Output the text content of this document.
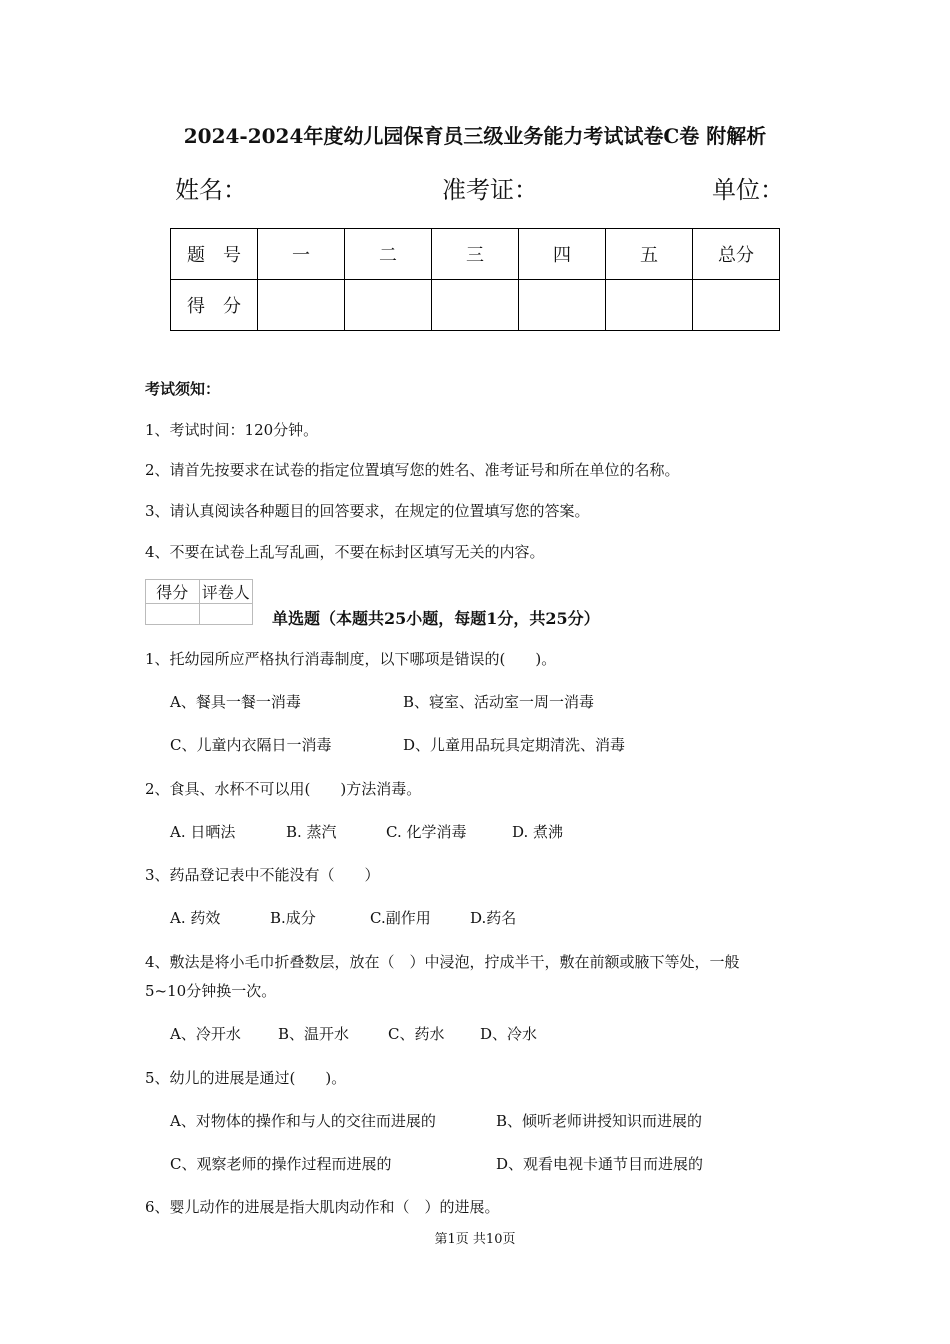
2024-2024年度幼儿园保育员三级业务能力考试试卷C卷 附解析
姓名：	准考证：	单位：
题　号	一	二	三	四	五	总分
得　分						
考试须知：
1、考试时间：120分钟。
2、请首先按要求在试卷的指定位置填写您的姓名、准考证号和所在单位的名称。
3、请认真阅读各种题目的回答要求，在规定的位置填写您的答案。
4、不要在试卷上乱写乱画，不要在标封区填写无关的内容。
得分	评卷人

单选题（本题共25小题，每题1分，共25分）
1、托幼园所应严格执行消毒制度，以下哪项是错误的(　　)。
A、餐具一餐一消毒	B、寝室、活动室一周一消毒
C、儿童内衣隔日一消毒	D、儿童用品玩具定期清洗、消毒
2、食具、水杯不可以用(　　)方法消毒。
A. 日晒法	B. 蒸汽	C. 化学消毒	D. 煮沸
3、药品登记表中不能没有（　　）
A. 药效	B.成分	C.副作用	D.药名
4、敷法是将小毛巾折叠数层，放在（　）中浸泡，拧成半干，敷在前额或腋下等处，一般
5~10分钟换一次。
A、冷开水 B、温开水	C、药水 D、冷水
5、幼儿的进展是通过(　　)。
A、对物体的操作和与人的交往而进展的	B、倾听老师讲授知识而进展的
C、观察老师的操作过程而进展的	D、观看电视卡通节目而进展的
6、婴儿动作的进展是指大肌肉动作和（　）的进展。
第1页 共10页
